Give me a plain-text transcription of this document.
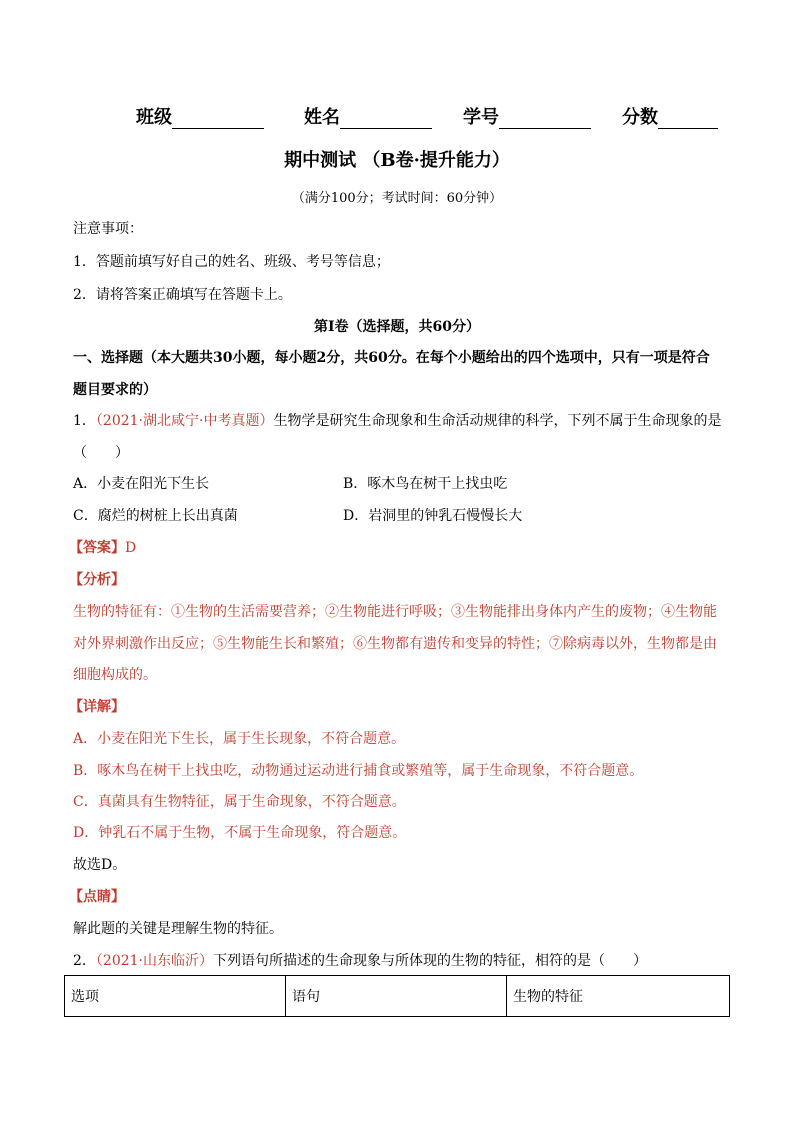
班级	姓名	学号	分数
期中测试 （B卷·提升能力）
（满分100分；考试时间：60分钟）
注意事项：
1．答题前填写好自己的姓名、班级、考号等信息；
2．请将答案正确填写在答题卡上。
第I卷（选择题，共60分）
一、选择题（本大题共30小题，每小题2分，共60分。在每个小题给出的四个选项中，只有一项是符合
题目要求的）
1．（2021·湖北咸宁·中考真题）生物学是研究生命现象和生命活动规律的科学，下列不属于生命现象的是
（　　）
A．小麦在阳光下生长	B．啄木鸟在树干上找虫吃
C．腐烂的树桩上长出真菌	D．岩洞里的钟乳石慢慢长大
【答案】D
【分析】
生物的特征有：①生物的生活需要营养；②生物能进行呼吸；③生物能排出身体内产生的废物；④生物能
对外界刺激作出反应；⑤生物能生长和繁殖；⑥生物都有遗传和变异的特性；⑦除病毒以外，生物都是由
细胞构成的。
【详解】
A．小麦在阳光下生长，属于生长现象，不符合题意。
B．啄木鸟在树干上找虫吃，动物通过运动进行捕食或繁殖等，属于生命现象，不符合题意。
C．真菌具有生物特征，属于生命现象，不符合题意。
D．钟乳石不属于生物，不属于生命现象，符合题意。
故选D。
【点睛】
解此题的关键是理解生物的特征。
2．（2021·山东临沂）下列语句所描述的生命现象与所体现的生物的特征，相符的是（　　）
选项	语句	生物的特征
